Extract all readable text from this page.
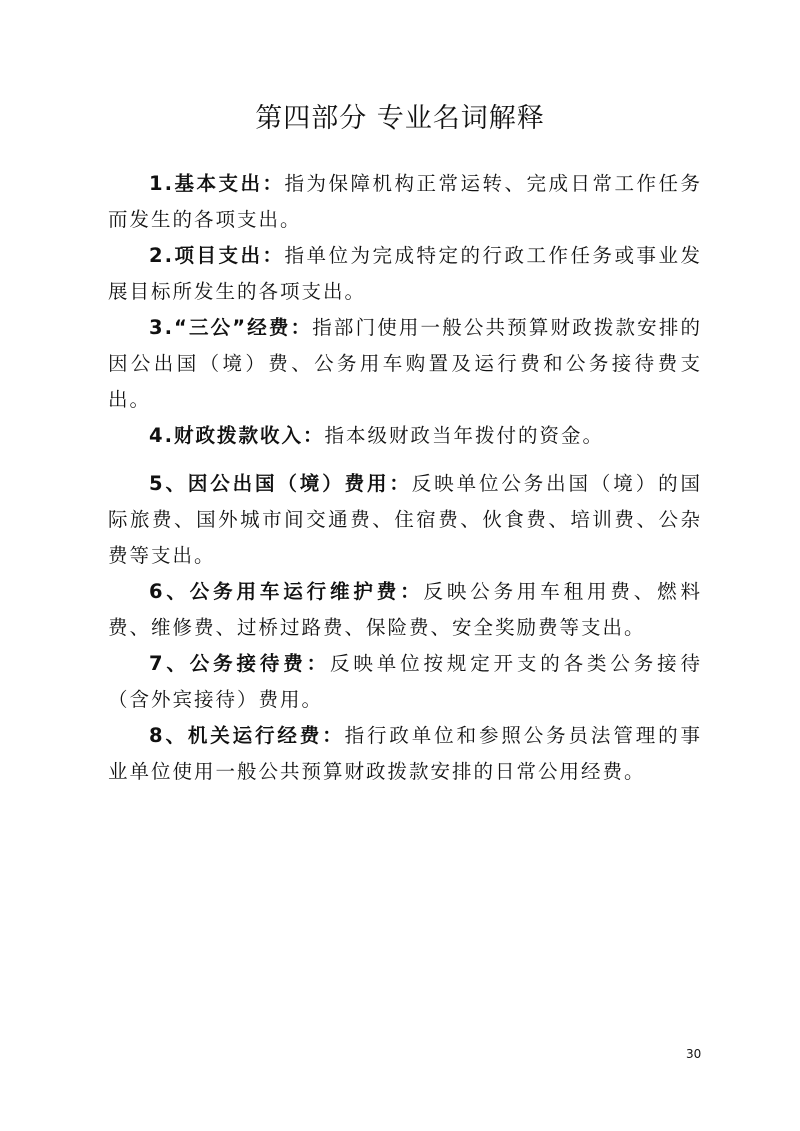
第四部分 专业名词解释

1.基本支出：指为保障机构正常运转、完成日常工作任务而发生的各项支出。

2.项目支出：指单位为完成特定的行政工作任务或事业发展目标所发生的各项支出。

3.“三公”经费：指部门使用一般公共预算财政拨款安排的因公出国（境）费、公务用车购置及运行费和公务接待费支出。

4.财政拨款收入：指本级财政当年拨付的资金。

5、因公出国（境）费用：反映单位公务出国（境）的国际旅费、国外城市间交通费、住宿费、伙食费、培训费、公杂费等支出。

6、公务用车运行维护费：反映公务用车租用费、燃料费、维修费、过桥过路费、保险费、安全奖励费等支出。

7、公务接待费：反映单位按规定开支的各类公务接待（含外宾接待）费用。

8、机关运行经费：指行政单位和参照公务员法管理的事业单位使用一般公共预算财政拨款安排的日常公用经费。

30
